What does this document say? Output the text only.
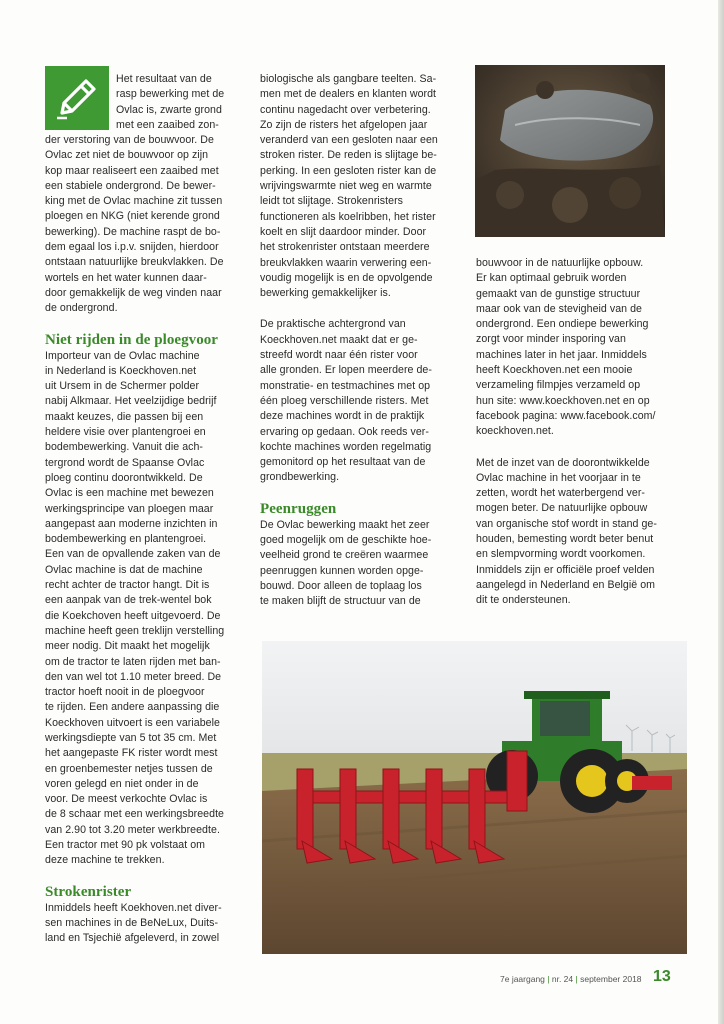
Het resultaat van de
rasp bewerking met de
Ovlac is, zwarte grond
met een zaaibed zon-

der verstoring van de bouwvoor. De
Ovlac zet niet de bouwvoor op zijn
kop maar realiseert een zaaibed met
een stabiele ondergrond. De bewer-
king met de Ovlac machine zit tussen
ploegen en NKG (niet kerende grond
bewerking). De machine raspt de bo-
dem egaal los i.p.v. snijden, hierdoor
ontstaan natuurlijke breukvlakken. De
wortels en het water kunnen daar-
door gemakkelijk de weg vinden naar
de ondergrond.

Niet rijden in de ploegvoor

Importeur van de Ovlac machine
in Nederland is Koeckhoven.net
uit Ursem in de Schermer polder
nabij Alkmaar. Het veelzijdige bedrijf
maakt keuzes, die passen bij een
heldere visie over plantengroei en
bodembewerking. Vanuit die ach-
tergrond wordt de Spaanse Ovlac
ploeg continu doorontwikkeld. De
Ovlac is een machine met bewezen
werkingsprincipe van ploegen maar
aangepast aan moderne inzichten in
bodembewerking en plantengroei.
Een van de opvallende zaken van de
Ovlac machine is dat de machine
recht achter de tractor hangt. Dit is
een aanpak van de trek-wentel bok
die Koekchoven heeft uitgevoerd. De
machine heeft geen treklijn verstelling
meer nodig. Dit maakt het mogelijk
om de tractor te laten rijden met ban-
den van wel tot 1.10 meter breed. De
tractor hoeft nooit in de ploegvoor
te rijden. Een andere aanpassing die
Koeckhoven uitvoert is een variabele
werkingsdiepte van 5 tot 35 cm. Met
het aangepaste FK rister wordt mest
en groenbemester netjes tussen de
voren gelegd en niet onder in de
voor. De meest verkochte Ovlac is
de 8 schaar met een werkingsbreedte
van 2.90 tot 3.20 meter werkbreedte.
Een tractor met 90 pk volstaat om
deze machine te trekken.

Strokenrister

Inmiddels heeft Koekhoven.net diver-
sen machines in de BeNeLux, Duits-
land en Tsjechië afgeleverd, in zowel

biologische als gangbare teelten. Sa-
men met de dealers en klanten wordt
continu nagedacht over verbetering.
Zo zijn de risters het afgelopen jaar
veranderd van een gesloten naar een
stroken rister. De reden is slijtage be-
perking. In een gesloten rister kan de
wrijvingswarmte niet weg en warmte
leidt tot slijtage. Strokenristers
functioneren als koelribben, het rister
koelt en slijt daardoor minder. Door
het strokenrister ontstaan meerdere
breukvlakken waarin verwering een-
voudig mogelijk is en de opvolgende
bewerking gemakkelijker is.

De praktische achtergrond van
Koeckhoven.net maakt dat er ge-
streefd wordt naar één rister voor
alle gronden. Er lopen meerdere de-
monstratie- en testmachines met op
één ploeg verschillende risters. Met
deze machines wordt in de praktijk
ervaring op gedaan. Ook reeds ver-
kochte machines worden regelmatig
gemonitord op het resultaat van de
grondbewerking.

Peenruggen

De Ovlac bewerking maakt het zeer
goed mogelijk om de geschikte hoe-
veelheid grond te creëren waarmee
peenruggen kunnen worden opge-
bouwd. Door alleen de toplaag los
te maken blijft de structuur van de

bouwvoor in de natuurlijke opbouw.
Er kan optimaal gebruik worden
gemaakt van de gunstige structuur
maar ook van de stevigheid van de
ondergrond. Een ondiepe bewerking
zorgt voor minder insporing van
machines later in het jaar. Inmiddels
heeft Koeckhoven.net een mooie
verzameling filmpjes verzameld op
hun site: www.koeckhoven.net en op
facebook pagina: www.facebook.com/
koeckhoven.net.

Met de inzet van de doorontwikkelde
Ovlac machine in het voorjaar in te
zetten, wordt het waterbergend ver-
mogen beter. De natuurlijke opbouw
van organische stof wordt in stand ge-
houden, bemesting wordt beter benut
en slempvorming wordt voorkomen.
Inmiddels zijn er officiële proef velden
aangelegd in Nederland en België om
dit te ondersteunen.

7e jaargang | nr. 24 | september 2018 13
